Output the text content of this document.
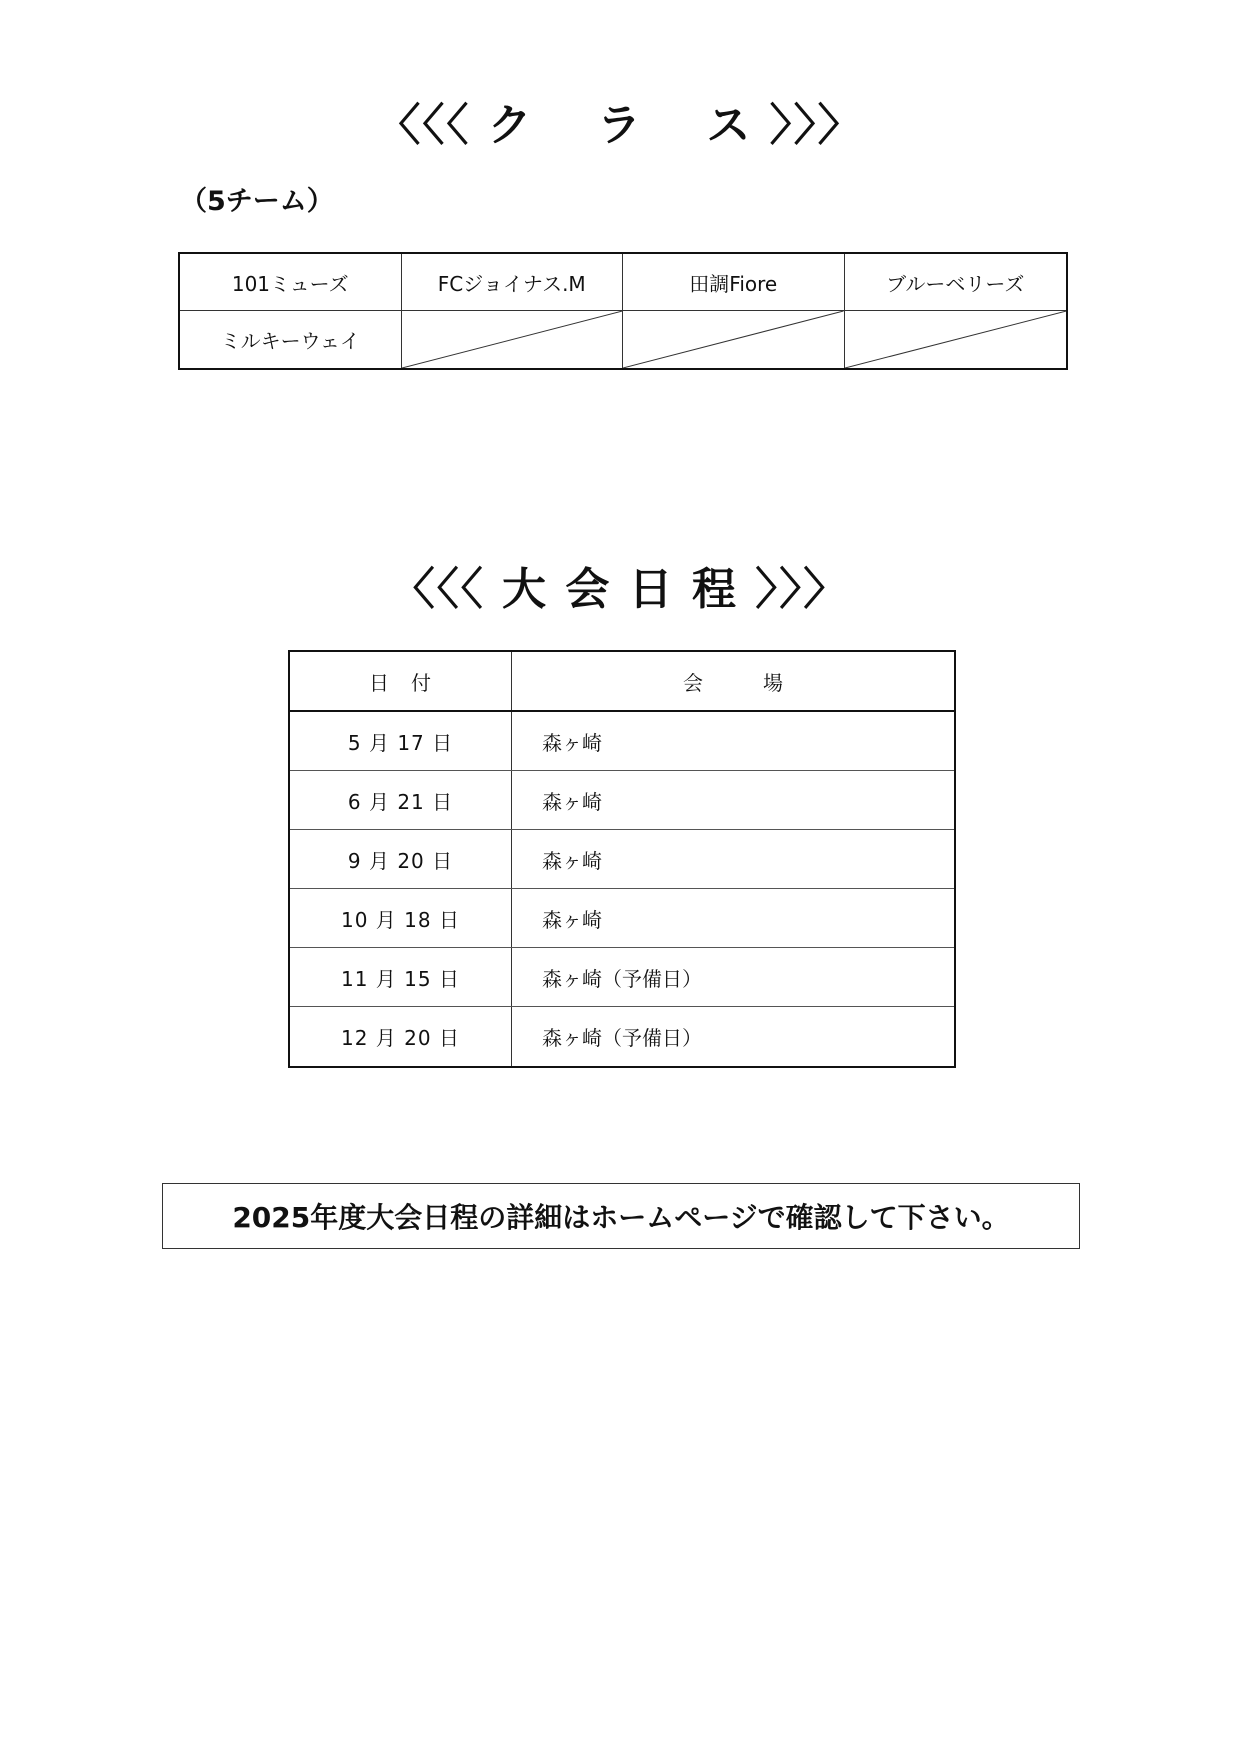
〈〈〈 ク　 ラ　 ス 〉〉〉
（5チーム）
101ミューズ	FCジョイナス.M	田調Fiore	ブルーベリーズ
ミルキーウェイ
〈〈〈 大 会 日 程 〉〉〉
日　付	会　　　場
5 月 17 日	森ヶ崎
6 月 21 日	森ヶ崎
9 月 20 日	森ヶ崎
10 月 18 日	森ヶ崎
11 月 15 日	森ヶ崎（予備日）
12 月 20 日	森ヶ崎（予備日）
2025年度大会日程の詳細はホームページで確認して下さい。
